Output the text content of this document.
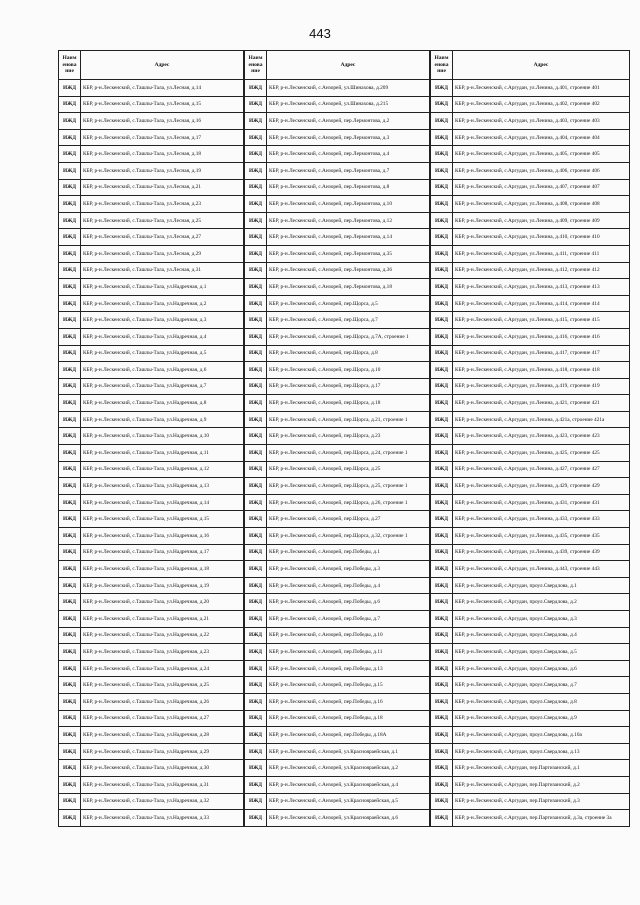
443
Наим енова ние	Адрес
ИЖД	КБР, р-н.Лескенский, с.Ташлы-Тала, ул.Лесная, д.14
ИЖД	КБР, р-н.Лескенский, с.Ташлы-Тала, ул.Лесная, д.15
ИЖД	КБР, р-н.Лескенский, с.Ташлы-Тала, ул.Лесная, д.16
ИЖД	КБР, р-н.Лескенский, с.Ташлы-Тала, ул.Лесная, д.17
ИЖД	КБР, р-н.Лескенский, с.Ташлы-Тала, ул.Лесная, д.18
ИЖД	КБР, р-н.Лескенский, с.Ташлы-Тала, ул.Лесная, д.19
ИЖД	КБР, р-н.Лескенский, с.Ташлы-Тала, ул.Лесная, д.21
ИЖД	КБР, р-н.Лескенский, с.Ташлы-Тала, ул.Лесная, д.23
ИЖД	КБР, р-н.Лескенский, с.Ташлы-Тала, ул.Лесная, д.25
ИЖД	КБР, р-н.Лескенский, с.Ташлы-Тала, ул.Лесная, д.27
ИЖД	КБР, р-н.Лескенский, с.Ташлы-Тала, ул.Лесная, д.29
ИЖД	КБР, р-н.Лескенский, с.Ташлы-Тала, ул.Лесная, д.31
ИЖД	КБР, р-н.Лескенский, с.Ташлы-Тала, ул.Надречная, д.1
ИЖД	КБР, р-н.Лескенский, с.Ташлы-Тала, ул.Надречная, д.2
ИЖД	КБР, р-н.Лескенский, с.Ташлы-Тала, ул.Надречная, д.3
ИЖД	КБР, р-н.Лескенский, с.Ташлы-Тала, ул.Надречная, д.4
ИЖД	КБР, р-н.Лескенский, с.Ташлы-Тала, ул.Надречная, д.5
ИЖД	КБР, р-н.Лескенский, с.Ташлы-Тала, ул.Надречная, д.6
ИЖД	КБР, р-н.Лескенский, с.Ташлы-Тала, ул.Надречная, д.7
ИЖД	КБР, р-н.Лескенский, с.Ташлы-Тала, ул.Надречная, д.8
ИЖД	КБР, р-н.Лескенский, с.Ташлы-Тала, ул.Надречная, д.9
ИЖД	КБР, р-н.Лескенский, с.Ташлы-Тала, ул.Надречная, д.10
ИЖД	КБР, р-н.Лескенский, с.Ташлы-Тала, ул.Надречная, д.11
ИЖД	КБР, р-н.Лескенский, с.Ташлы-Тала, ул.Надречная, д.12
ИЖД	КБР, р-н.Лескенский, с.Ташлы-Тала, ул.Надречная, д.13
ИЖД	КБР, р-н.Лескенский, с.Ташлы-Тала, ул.Надречная, д.14
ИЖД	КБР, р-н.Лескенский, с.Ташлы-Тала, ул.Надречная, д.15
ИЖД	КБР, р-н.Лескенский, с.Ташлы-Тала, ул.Надречная, д.16
ИЖД	КБР, р-н.Лескенский, с.Ташлы-Тала, ул.Надречная, д.17
ИЖД	КБР, р-н.Лескенский, с.Ташлы-Тала, ул.Надречная, д.18
ИЖД	КБР, р-н.Лескенский, с.Ташлы-Тала, ул.Надречная, д.19
ИЖД	КБР, р-н.Лескенский, с.Ташлы-Тала, ул.Надречная, д.20
ИЖД	КБР, р-н.Лескенский, с.Ташлы-Тала, ул.Надречная, д.21
ИЖД	КБР, р-н.Лескенский, с.Ташлы-Тала, ул.Надречная, д.22
ИЖД	КБР, р-н.Лескенский, с.Ташлы-Тала, ул.Надречная, д.23
ИЖД	КБР, р-н.Лескенский, с.Ташлы-Тала, ул.Надречная, д.24
ИЖД	КБР, р-н.Лескенский, с.Ташлы-Тала, ул.Надречная, д.25
ИЖД	КБР, р-н.Лескенский, с.Ташлы-Тала, ул.Надречная, д.26
ИЖД	КБР, р-н.Лескенский, с.Ташлы-Тала, ул.Надречная, д.27
ИЖД	КБР, р-н.Лескенский, с.Ташлы-Тала, ул.Надречная, д.28
ИЖД	КБР, р-н.Лескенский, с.Ташлы-Тала, ул.Надречная, д.29
ИЖД	КБР, р-н.Лескенский, с.Ташлы-Тала, ул.Надречная, д.30
ИЖД	КБР, р-н.Лескенский, с.Ташлы-Тала, ул.Надречная, д.31
ИЖД	КБР, р-н.Лескенский, с.Ташлы-Тала, ул.Надречная, д.32
ИЖД	КБР, р-н.Лескенский, с.Ташлы-Тала, ул.Надречная, д.33
Наим енова ние	Адрес
ИЖД	КБР, р-н.Лескенский, с.Анзорей, ул.Шинахова, д.209
ИЖД	КБР, р-н.Лескенский, с.Анзорей, ул.Шинахова, д.215
ИЖД	КБР, р-н.Лескенский, с.Анзорей, пер.Лермонтова, д.2
ИЖД	КБР, р-н.Лескенский, с.Анзорей, пер.Лермонтова, д.3
ИЖД	КБР, р-н.Лескенский, с.Анзорей, пер.Лермонтова, д.4
ИЖД	КБР, р-н.Лескенский, с.Анзорей, пер.Лермонтова, д.7
ИЖД	КБР, р-н.Лескенский, с.Анзорей, пер.Лермонтова, д.8
ИЖД	КБР, р-н.Лескенский, с.Анзорей, пер.Лермонтова, д.10
ИЖД	КБР, р-н.Лескенский, с.Анзорей, пер.Лермонтова, д.12
ИЖД	КБР, р-н.Лескенский, с.Анзорей, пер.Лермонтова, д.14
ИЖД	КБР, р-н.Лескенский, с.Анзорей, пер.Лермонтова, д.35
ИЖД	КБР, р-н.Лескенский, с.Анзорей, пер.Лермонтова, д.36
ИЖД	КБР, р-н.Лескенский, с.Анзорей, пер.Лермонтова, д.18
ИЖД	КБР, р-н.Лескенский, с.Анзорей, пер.Щорса, д.5
ИЖД	КБР, р-н.Лескенский, с.Анзорей, пер.Щорса, д.7
ИЖД	КБР, р-н.Лескенский, с.Анзорей, пер.Щорса, д.7А, строение 1
ИЖД	КБР, р-н.Лескенский, с.Анзорей, пер.Щорса, д.8
ИЖД	КБР, р-н.Лескенский, с.Анзорей, пер.Щорса, д.10
ИЖД	КБР, р-н.Лескенский, с.Анзорей, пер.Щорса, д.17
ИЖД	КБР, р-н.Лескенский, с.Анзорей, пер.Щорса, д.18
ИЖД	КБР, р-н.Лескенский, с.Анзорей, пер.Щорса, д.21, строение 1
ИЖД	КБР, р-н.Лескенский, с.Анзорей, пер.Щорса, д.23
ИЖД	КБР, р-н.Лескенский, с.Анзорей, пер.Щорса, д.24, строение 1
ИЖД	КБР, р-н.Лескенский, с.Анзорей, пер.Щорса, д.25
ИЖД	КБР, р-н.Лескенский, с.Анзорей, пер.Щорса, д.25, строение 1
ИЖД	КБР, р-н.Лескенский, с.Анзорей, пер.Щорса, д.26, строение 1
ИЖД	КБР, р-н.Лескенский, с.Анзорей, пер.Щорса, д.27
ИЖД	КБР, р-н.Лескенский, с.Анзорей, пер.Щорса, д.32, строение 1
ИЖД	КБР, р-н.Лескенский, с.Анзорей, пер.Победы, д.1
ИЖД	КБР, р-н.Лескенский, с.Анзорей, пер.Победы, д.3
ИЖД	КБР, р-н.Лескенский, с.Анзорей, пер.Победы, д.4
ИЖД	КБР, р-н.Лескенский, с.Анзорей, пер.Победы, д.6
ИЖД	КБР, р-н.Лескенский, с.Анзорей, пер.Победы, д.7
ИЖД	КБР, р-н.Лескенский, с.Анзорей, пер.Победы, д.10
ИЖД	КБР, р-н.Лескенский, с.Анзорей, пер.Победы, д.11
ИЖД	КБР, р-н.Лескенский, с.Анзорей, пер.Победы, д.13
ИЖД	КБР, р-н.Лескенский, с.Анзорей, пер.Победы, д.15
ИЖД	КБР, р-н.Лескенский, с.Анзорей, пер.Победы, д.16
ИЖД	КБР, р-н.Лескенский, с.Анзорей, пер.Победы, д.18
ИЖД	КБР, р-н.Лескенский, с.Анзорей, пер.Победы, д.18А
ИЖД	КБР, р-н.Лескенский, с.Анзорей, ул.Краснояраейская, д.1
ИЖД	КБР, р-н.Лескенский, с.Анзорей, ул.Краснояраейская, д.2
ИЖД	КБР, р-н.Лескенский, с.Анзорей, ул.Краснояраейская, д.4
ИЖД	КБР, р-н.Лескенский, с.Анзорей, ул.Краснояраейская, д.5
ИЖД	КБР, р-н.Лескенский, с.Анзорей, ул.Краснояраейская, д.6
Наим енова ние	Адрес
ИЖД	КБР, р-н.Лескенский, с.Аргудан, ул.Ленина, д.401, строение 401
ИЖД	КБР, р-н.Лескенский, с.Аргудан, ул.Ленина, д.402, строение 402
ИЖД	КБР, р-н.Лескенский, с.Аргудан, ул.Ленина, д.403, строение 403
ИЖД	КБР, р-н.Лескенский, с.Аргудан, ул.Ленина, д.404, строение 404
ИЖД	КБР, р-н.Лескенский, с.Аргудан, ул.Ленина, д.405, строение 405
ИЖД	КБР, р-н.Лескенский, с.Аргудан, ул.Ленина, д.406, строение 406
ИЖД	КБР, р-н.Лескенский, с.Аргудан, ул.Ленина, д.407, строение 407
ИЖД	КБР, р-н.Лескенский, с.Аргудан, ул.Ленина, д.408, строение 408
ИЖД	КБР, р-н.Лескенский, с.Аргудан, ул.Ленина, д.409, строение 409
ИЖД	КБР, р-н.Лескенский, с.Аргудан, ул.Ленина, д.410, строение 410
ИЖД	КБР, р-н.Лескенский, с.Аргудан, ул.Ленина, д.411, строение 411
ИЖД	КБР, р-н.Лескенский, с.Аргудан, ул.Ленина, д.412, строение 412
ИЖД	КБР, р-н.Лескенский, с.Аргудан, ул.Ленина, д.413, строение 413
ИЖД	КБР, р-н.Лескенский, с.Аргудан, ул.Ленина, д.414, строение 414
ИЖД	КБР, р-н.Лескенский, с.Аргудан, ул.Ленина, д.415, строение 415
ИЖД	КБР, р-н.Лескенский, с.Аргудан, ул.Ленина, д.416, строение 416
ИЖД	КБР, р-н.Лескенский, с.Аргудан, ул.Ленина, д.417, строение 417
ИЖД	КБР, р-н.Лескенский, с.Аргудан, ул.Ленина, д.418, строение 418
ИЖД	КБР, р-н.Лескенский, с.Аргудан, ул.Ленина, д.419, строение 419
ИЖД	КБР, р-н.Лескенский, с.Аргудан, ул.Ленина, д.421, строение 421
ИЖД	КБР, р-н.Лескенский, с.Аргудан, ул.Ленина, д.421а, строение 421а
ИЖД	КБР, р-н.Лескенский, с.Аргудан, ул.Ленина, д.423, строение 423
ИЖД	КБР, р-н.Лескенский, с.Аргудан, ул.Ленина, д.425, строение 425
ИЖД	КБР, р-н.Лескенский, с.Аргудан, ул.Ленина, д.427, строение 427
ИЖД	КБР, р-н.Лескенский, с.Аргудан, ул.Ленина, д.429, строение 429
ИЖД	КБР, р-н.Лескенский, с.Аргудан, ул.Ленина, д.431, строение 431
ИЖД	КБР, р-н.Лескенский, с.Аргудан, ул.Ленина, д.433, строение 433
ИЖД	КБР, р-н.Лескенский, с.Аргудан, ул.Ленина, д.435, строение 435
ИЖД	КБР, р-н.Лескенский, с.Аргудан, ул.Ленина, д.439, строение 439
ИЖД	КБР, р-н.Лескенский, с.Аргудан, ул.Ленина, д.443, строение 443
ИЖД	КБР, р-н.Лескенский, с.Аргудан, проул.Свердлова, д.1
ИЖД	КБР, р-н.Лескенский, с.Аргудан, проул.Свердлова, д.2
ИЖД	КБР, р-н.Лескенский, с.Аргудан, проул.Свердлова, д.3
ИЖД	КБР, р-н.Лескенский, с.Аргудан, проул.Свердлова, д.4
ИЖД	КБР, р-н.Лескенский, с.Аргудан, проул.Свердлова, д.5
ИЖД	КБР, р-н.Лескенский, с.Аргудан, проул.Свердлова, д.6
ИЖД	КБР, р-н.Лескенский, с.Аргудан, проул.Свердлова, д.7
ИЖД	КБР, р-н.Лескенский, с.Аргудан, проул.Свердлова, д.8
ИЖД	КБР, р-н.Лескенский, с.Аргудан, проул.Свердлова, д.9
ИЖД	КБР, р-н.Лескенский, с.Аргудан, проул.Свердлова, д.10а
ИЖД	КБР, р-н.Лескенский, с.Аргудан, проул.Свердлова, д.13
ИЖД	КБР, р-н.Лескенский, с.Аргудан, пер.Партизанский, д.1
ИЖД	КБР, р-н.Лескенский, с.Аргудан, пер.Партизанский, д.2
ИЖД	КБР, р-н.Лескенский, с.Аргудан, пер.Партизанский, д.3
ИЖД	КБР, р-н.Лескенский, с.Аргудан, пер.Партизанский, д.3а, строение 3а
